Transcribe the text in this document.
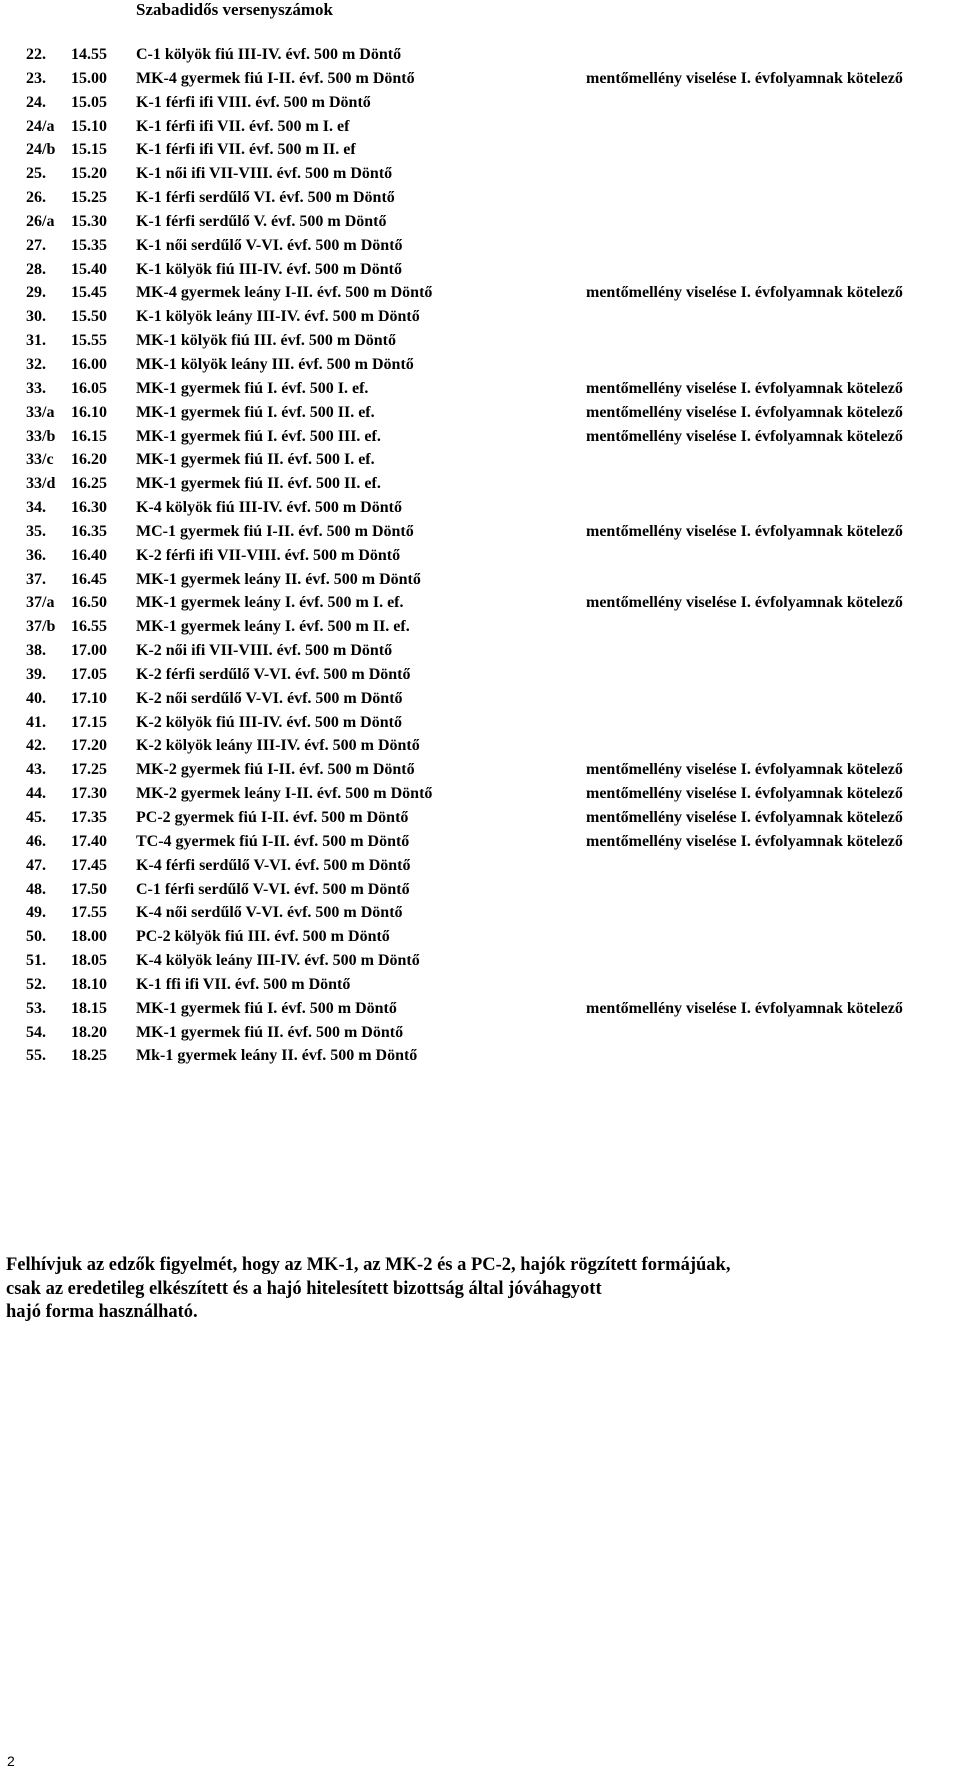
Szabadidős versenyszámok
22. 14.55 C-1 kölyök fiú III-IV. évf. 500 m Döntő
23. 15.00 MK-4 gyermek fiú I-II. évf. 500 m Döntő	mentőmellény viselése I. évfolyamnak kötelező
24. 15.05 K-1 férfi ifi VIII. évf. 500 m Döntő
24/a 15.10 K-1 férfi ifi VII. évf. 500 m I. ef
24/b 15.15 K-1 férfi ifi VII. évf. 500 m II. ef
25. 15.20 K-1 női ifi VII-VIII. évf. 500 m Döntő
26. 15.25 K-1 férfi serdűlő VI. évf. 500 m Döntő
26/a 15.30 K-1 férfi serdűlő V. évf. 500 m Döntő
27. 15.35 K-1 női serdűlő V-VI. évf. 500 m Döntő
28. 15.40 K-1 kölyök fiú III-IV. évf. 500 m Döntő
29. 15.45 MK-4 gyermek leány I-II. évf. 500 m Döntő	mentőmellény viselése I. évfolyamnak kötelező
30. 15.50 K-1 kölyök leány III-IV. évf. 500 m Döntő
31. 15.55 MK-1 kölyök fiú III. évf. 500 m Döntő
32. 16.00 MK-1 kölyök leány III. évf. 500 m Döntő
33. 16.05 MK-1 gyermek fiú I. évf. 500 I. ef.	mentőmellény viselése I. évfolyamnak kötelező
33/a 16.10 MK-1 gyermek fiú I. évf. 500 II. ef.	mentőmellény viselése I. évfolyamnak kötelező
33/b 16.15 MK-1 gyermek fiú I. évf. 500 III. ef.	mentőmellény viselése I. évfolyamnak kötelező
33/c 16.20 MK-1 gyermek fiú II. évf. 500 I. ef.
33/d 16.25 MK-1 gyermek fiú II. évf. 500 II. ef.
34. 16.30 K-4 kölyök fiú III-IV. évf. 500 m Döntő
35. 16.35 MC-1 gyermek fiú I-II. évf. 500 m Döntő	mentőmellény viselése I. évfolyamnak kötelező
36. 16.40 K-2 férfi ifi VII-VIII. évf. 500 m Döntő
37. 16.45 MK-1 gyermek leány II. évf. 500 m Döntő
37/a 16.50 MK-1 gyermek leány I. évf. 500 m I. ef.	mentőmellény viselése I. évfolyamnak kötelező
37/b 16.55 MK-1 gyermek leány I. évf. 500 m II. ef.
38. 17.00 K-2 női ifi VII-VIII. évf. 500 m Döntő
39. 17.05 K-2 férfi serdűlő V-VI. évf. 500 m Döntő
40. 17.10 K-2 női serdűlő V-VI. évf. 500 m Döntő
41. 17.15 K-2 kölyök fiú III-IV. évf. 500 m Döntő
42. 17.20 K-2 kölyök leány III-IV. évf. 500 m Döntő
43. 17.25 MK-2 gyermek fiú I-II. évf. 500 m Döntő	mentőmellény viselése I. évfolyamnak kötelező
44. 17.30 MK-2 gyermek leány I-II. évf. 500 m Döntő	mentőmellény viselése I. évfolyamnak kötelező
45. 17.35 PC-2 gyermek fiú I-II. évf. 500 m Döntő	mentőmellény viselése I. évfolyamnak kötelező
46. 17.40 TC-4 gyermek fiú I-II. évf. 500 m Döntő	mentőmellény viselése I. évfolyamnak kötelező
47. 17.45 K-4 férfi serdűlő V-VI. évf. 500 m Döntő
48. 17.50 C-1 férfi serdűlő V-VI. évf. 500 m Döntő
49. 17.55 K-4 női serdűlő V-VI. évf. 500 m Döntő
50. 18.00 PC-2 kölyök fiú III. évf. 500 m Döntő
51. 18.05 K-4 kölyök leány III-IV. évf. 500 m Döntő
52. 18.10 K-1 ffi ifi VII. évf. 500 m Döntő
53. 18.15 MK-1 gyermek fiú I. évf. 500 m Döntő	mentőmellény viselése I. évfolyamnak kötelező
54. 18.20 MK-1 gyermek fiú II. évf. 500 m Döntő
55. 18.25 Mk-1 gyermek leány II. évf. 500 m Döntő
Felhívjuk az edzők figyelmét, hogy az MK-1, az MK-2 és a PC-2, hajók rögzített formájúak,
csak az eredetileg elkészített és a hajó hitelesített bizottság által jóváhagyott
hajó forma használható.
2
